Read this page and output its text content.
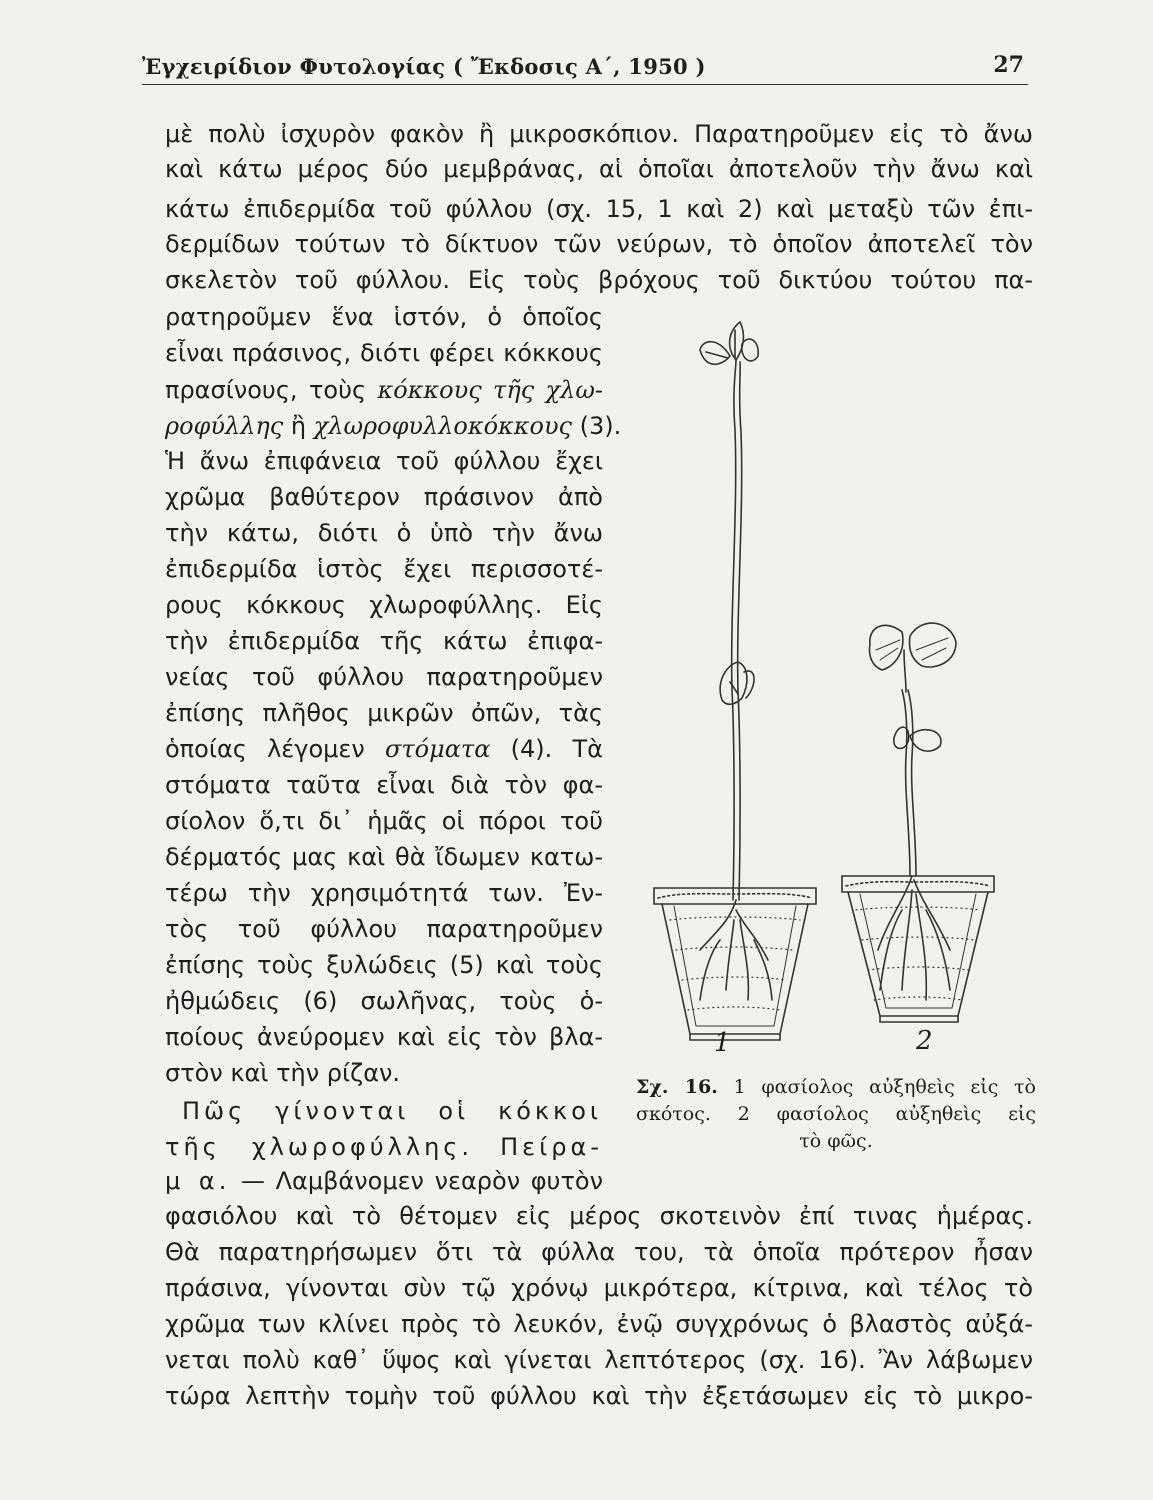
Ἐγχειρίδιον Φυτολογίας ( Ἔκδοσις Α΄, 1950 )	27
μὲ πολὺ ἰσχυρὸν φακὸν ἢ μικροσκόπιον. Παρατηροῦμεν εἰς τὸ ἄνω
καὶ κάτω μέρος δύο μεμβράνας, αἱ ὁποῖαι ἀποτελοῦν τὴν ἄνω καὶ
κάτω ἐπιδερμίδα τοῦ φύλλου (σχ. 15, 1 καὶ 2) καὶ μεταξὺ τῶν ἐπι-
δερμίδων τούτων τὸ δίκτυον τῶν νεύρων, τὸ ὁποῖον ἀποτελεῖ τὸν
σκελετὸν τοῦ φύλλου. Εἰς τοὺς βρόχους τοῦ δικτύου τούτου πα-
ρατηροῦμεν ἕνα ἱστόν, ὁ ὁποῖος
εἶναι πράσινος, διότι φέρει κόκκους
πρασίνους, τοὺς κόκκους τῆς χλω-
ροφύλλης ἢ χλωροφυλλοκόκκους (3).
Ἡ ἄνω ἐπιφάνεια τοῦ φύλλου ἔχει
χρῶμα βαθύτερον πράσινον ἀπὸ
τὴν κάτω, διότι ὁ ὑπὸ τὴν ἄνω
ἐπιδερμίδα ἱστὸς ἔχει περισσοτέ-
ρους κόκκους χλωροφύλλης. Εἰς
τὴν ἐπιδερμίδα τῆς κάτω ἐπιφα-
νείας τοῦ φύλλου παρατηροῦμεν
ἐπίσης πλῆθος μικρῶν ὀπῶν, τὰς
ὁποίας λέγομεν στόματα (4). Τὰ
στόματα ταῦτα εἶναι διὰ τὸν φα-
σίολον ὅ,τι δι᾽ ἡμᾶς οἱ πόροι τοῦ
δέρματός μας καὶ θὰ ἴδωμεν κατω-
τέρω τὴν χρησιμότητά των. Ἐν-
τὸς τοῦ φύλλου παρατηροῦμεν
ἐπίσης τοὺς ξυλώδεις (5) καὶ τοὺς
ἠθμώδεις (6) σωλῆνας, τοὺς ὁ-
ποίους ἀνεύρομεν καὶ εἰς τὸν βλα-
στὸν καὶ τὴν ρίζαν.
Πῶς γίνονται οἱ κόκκοι
τῆς χλωροφύλλης. Πείρα-
μ α. — Λαμβάνομεν νεαρὸν φυτὸν
φασιόλου καὶ τὸ θέτομεν εἰς μέρος σκοτεινὸν ἐπί τινας ἡμέρας.
Θὰ παρατηρήσωμεν ὅτι τὰ φύλλα του, τὰ ὁποῖα πρότερον ἦσαν
πράσινα, γίνονται σὺν τῷ χρόνῳ μικρότερα, κίτρινα, καὶ τέλος τὸ
χρῶμα των κλίνει πρὸς τὸ λευκόν, ἐνῷ συγχρόνως ὁ βλαστὸς αὐξά-
νεται πολὺ καθ᾽ ὕψος καὶ γίνεται λεπτότερος (σχ. 16). Ἂν λάβωμεν
τώρα λεπτὴν τομὴν τοῦ φύλλου καὶ τὴν ἐξετάσωμεν εἰς τὸ μικρο-
1	2
Σχ. 16. 1 φασίολος αὐξηθεὶς εἰς τὸ
σκότος. 2 φασίολος αὐξηθεὶς εἰς
τὸ φῶς.
